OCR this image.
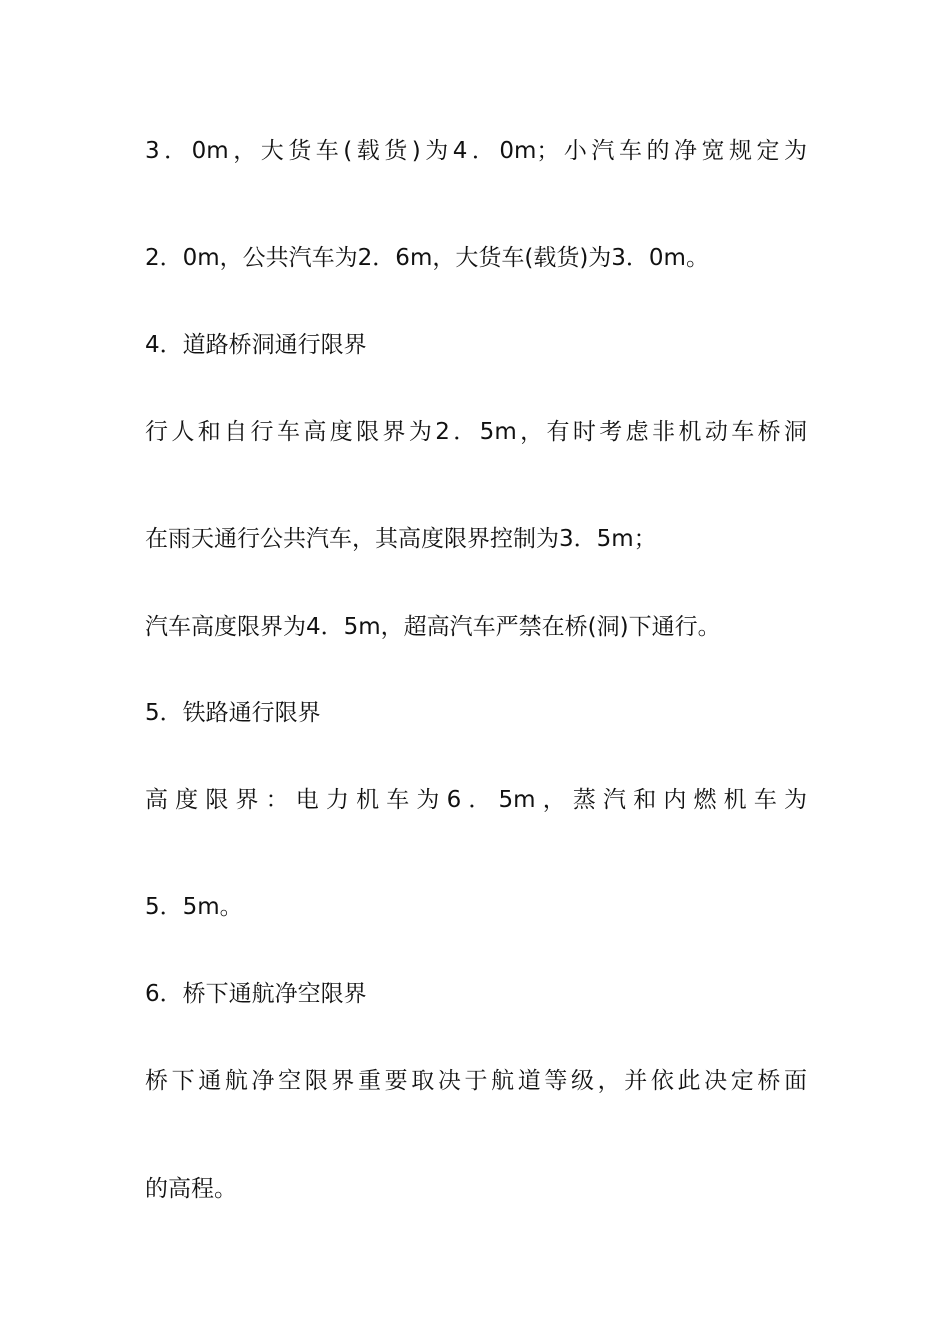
3．0m，大货车(载货)为4．0m；小汽车的净宽规定为
2．0m，公共汽车为2．6m，大货车(载货)为3．0m。
4．道路桥洞通行限界
行人和自行车高度限界为2．5m，有时考虑非机动车桥洞
在雨天通行公共汽车，其高度限界控制为3．5m；
汽车高度限界为4．5m，超高汽车严禁在桥(洞)下通行。
5．铁路通行限界
高度限界：电力机车为6．5m，蒸汽和内燃机车为
5．5m。
6．桥下通航净空限界
桥下通航净空限界重要取决于航道等级，并依此决定桥面
的高程。
